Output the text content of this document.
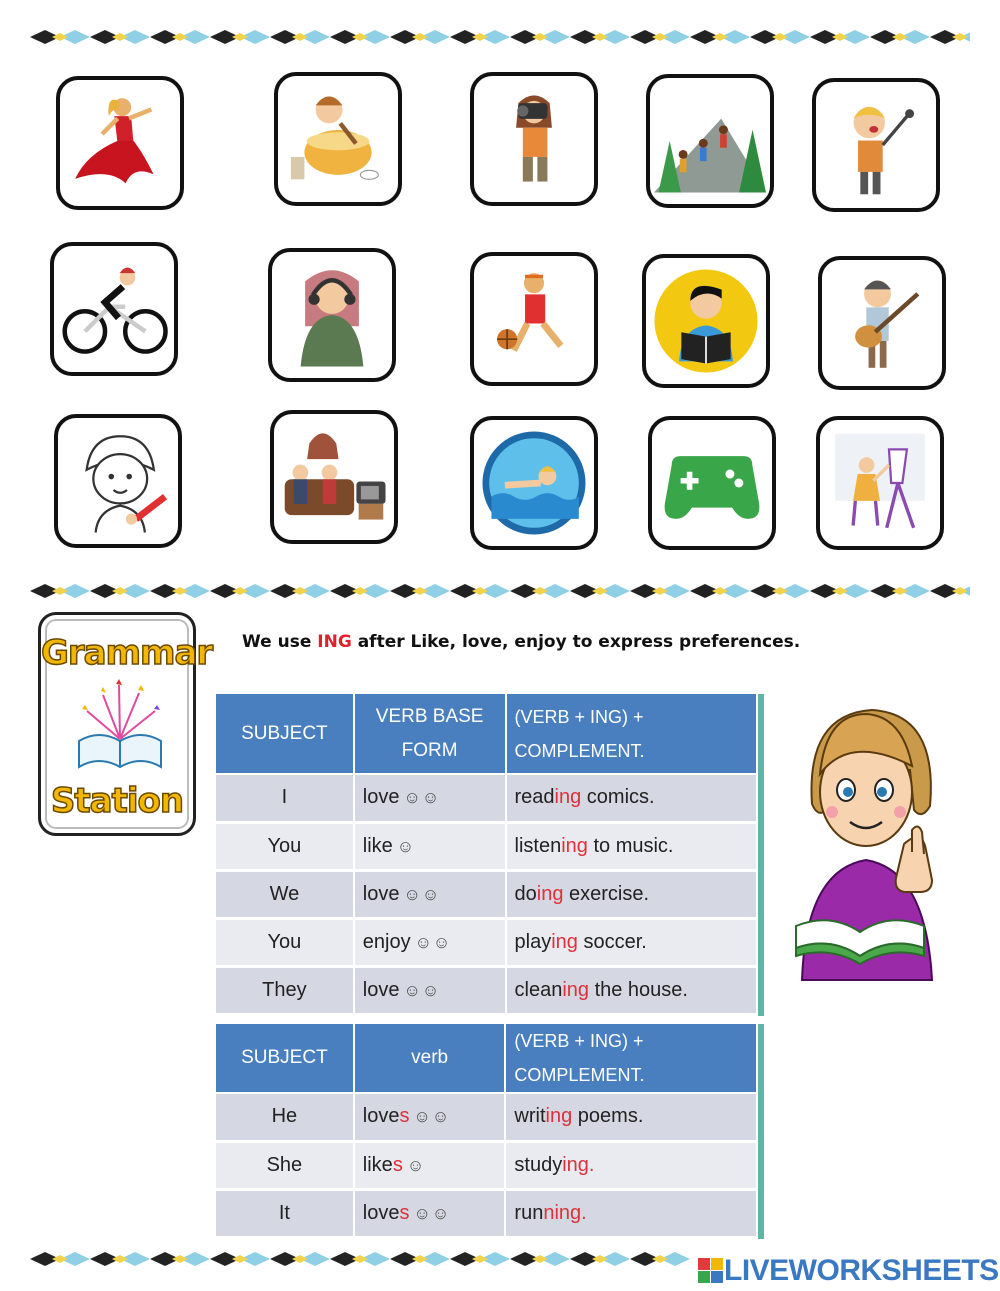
Grammar
Station
We use ING after Like, love, enjoy to express preferences.
SUBJECT	VERB BASE FORM	(VERB + ING) + COMPLEMENT.
I	love ☺☺	reading comics.
You	like ☺	listening to music.
We	love ☺☺	doing exercise.
You	enjoy ☺☺	playing soccer.
They	love ☺☺	cleaning the house.
SUBJECT	verb	(VERB + ING) + COMPLEMENT.
He	loves ☺☺	writing poems.
She	likes ☺	studying.
It	loves ☺☺	running.
LIVEWORKSHEETS
